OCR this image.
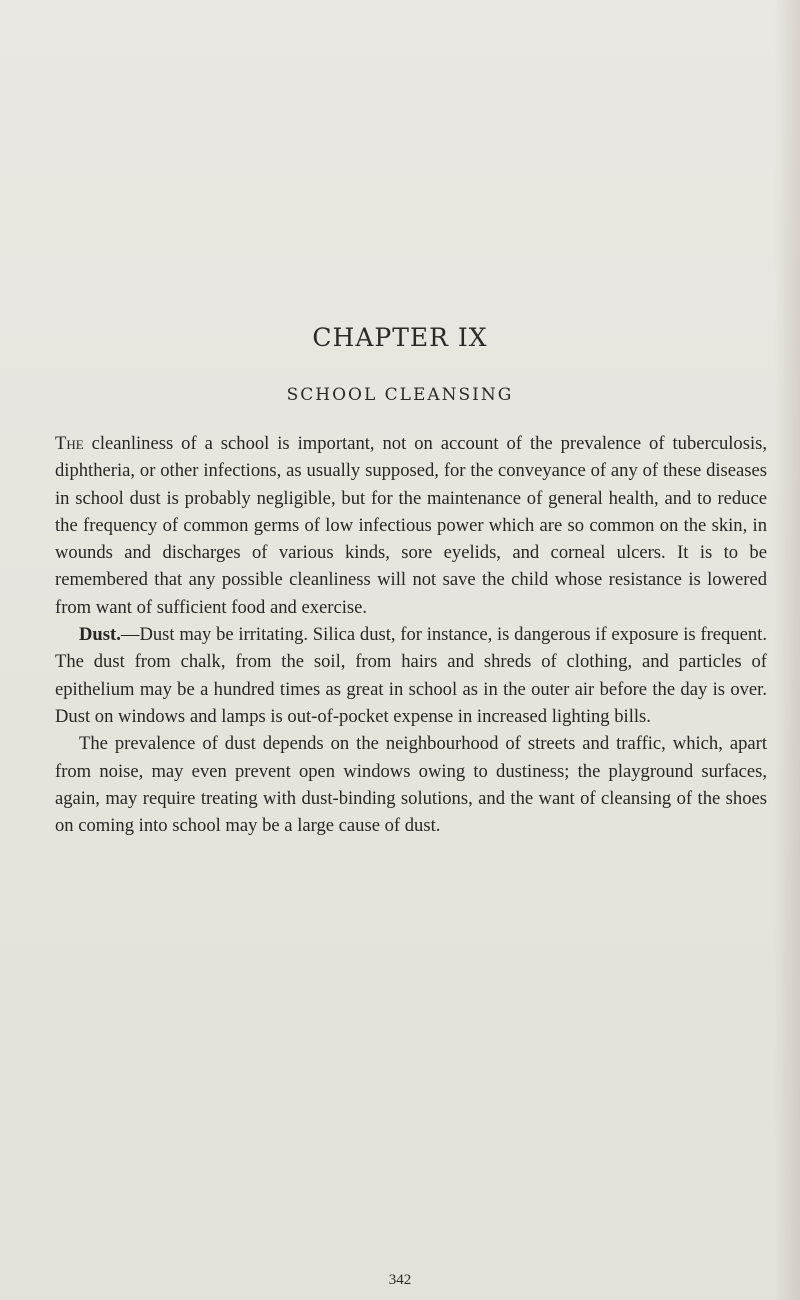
CHAPTER IX
SCHOOL CLEANSING

The cleanliness of a school is important, not on account of the prevalence of tuberculosis, diphtheria, or other infections, as usually supposed, for the conveyance of any of these diseases in school dust is probably negligible, but for the maintenance of general health, and to reduce the frequency of common germs of low infectious power which are so common on the skin, in wounds and discharges of various kinds, sore eyelids, and corneal ulcers. It is to be remembered that any possible cleanliness will not save the child whose resistance is lowered from want of sufficient food and exercise.

Dust.—Dust may be irritating. Silica dust, for instance, is dangerous if exposure is frequent. The dust from chalk, from the soil, from hairs and shreds of clothing, and particles of epithelium may be a hundred times as great in school as in the outer air before the day is over. Dust on windows and lamps is out-of-pocket expense in increased lighting bills.

The prevalence of dust depends on the neighbourhood of streets and traffic, which, apart from noise, may even prevent open windows owing to dustiness; the playground surfaces, again, may require treating with dust-binding solutions, and the want of cleansing of the shoes on coming into school may be a large cause of dust.

342
